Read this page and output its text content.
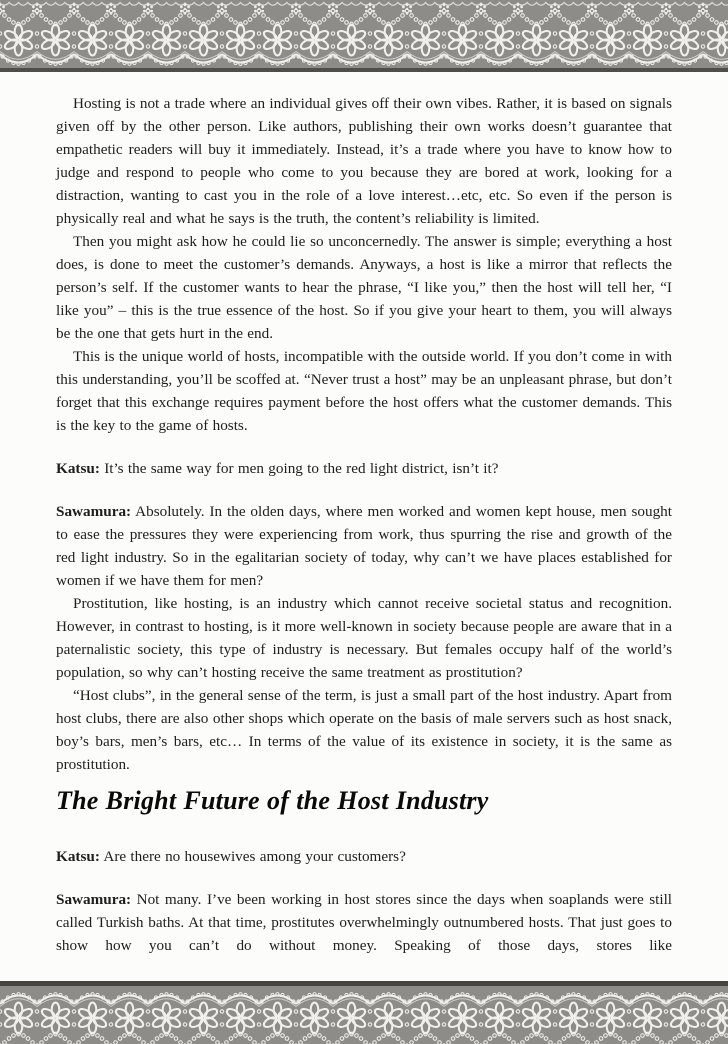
Hosting is not a trade where an individual gives off their own vibes. Rather, it is based on signals given off by the other person. Like authors, publishing their own works doesn’t guarantee that empathetic readers will buy it immediately. Instead, it’s a trade where you have to know how to judge and respond to people who come to you because they are bored at work, looking for a distraction, wanting to cast you in the role of a love interest…etc, etc. So even if the person is physically real and what he says is the truth, the content’s reliability is limited.

Then you might ask how he could lie so unconcernedly. The answer is simple; everything a host does, is done to meet the customer’s demands. Anyways, a host is like a mirror that reflects the person’s self. If the customer wants to hear the phrase, “I like you,” then the host will tell her, “I like you” – this is the true essence of the host. So if you give your heart to them, you will always be the one that gets hurt in the end.

This is the unique world of hosts, incompatible with the outside world. If you don’t come in with this understanding, you’ll be scoffed at. “Never trust a host” may be an unpleasant phrase, but don’t forget that this exchange requires payment before the host offers what the customer demands. This is the key to the game of hosts.

Katsu: It’s the same way for men going to the red light district, isn’t it?

Sawamura: Absolutely. In the olden days, where men worked and women kept house, men sought to ease the pressures they were experiencing from work, thus spurring the rise and growth of the red light industry. So in the egalitarian society of today, why can’t we have places established for women if we have them for men?

Prostitution, like hosting, is an industry which cannot receive societal status and recognition. However, in contrast to hosting, is it more well-known in society because people are aware that in a paternalistic society, this type of industry is necessary. But females occupy half of the world’s population, so why can’t hosting receive the same treatment as prostitution?

“Host clubs”, in the general sense of the term, is just a small part of the host industry. Apart from host clubs, there are also other shops which operate on the basis of male servers such as host snack, boy’s bars, men’s bars, etc… In terms of the value of its existence in society, it is the same as prostitution.

The Bright Future of the Host Industry

Katsu: Are there no housewives among your customers?

Sawamura: Not many. I’ve been working in host stores since the days when soaplands were still called Turkish baths. At that time, prostitutes overwhelmingly outnumbered hosts. That just goes to show how you can’t do without money. Speaking of those days, stores like
